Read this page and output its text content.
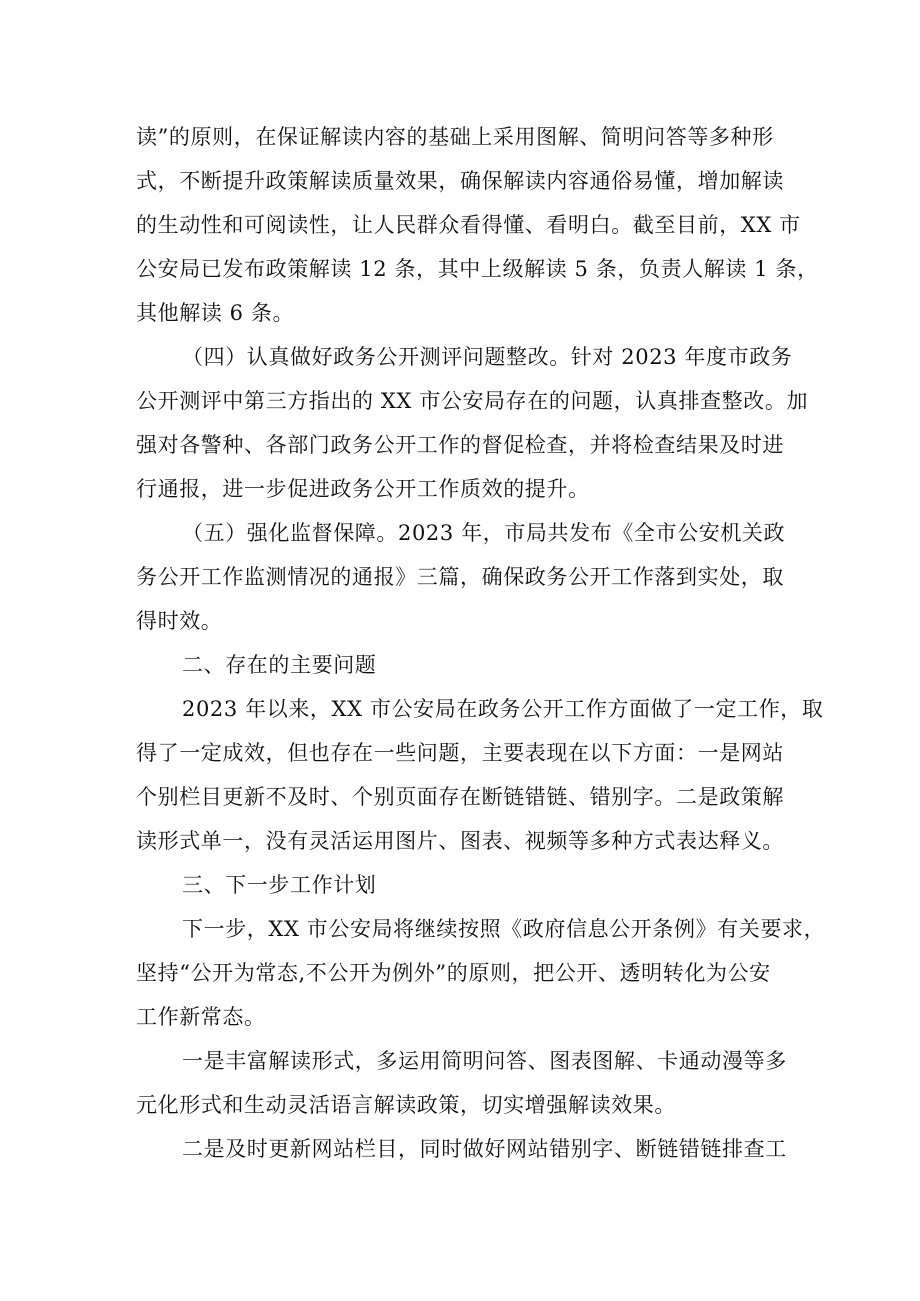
读”的原则，在保证解读内容的基础上采用图解、简明问答等多种形
式，不断提升政策解读质量效果，确保解读内容通俗易懂，增加解读
的生动性和可阅读性，让人民群众看得懂、看明白。截至目前，XX 市
公安局已发布政策解读 12 条，其中上级解读 5 条，负责人解读 1 条，
其他解读 6 条。
（四）认真做好政务公开测评问题整改。针对 2023 年度市政务
公开测评中第三方指出的 XX 市公安局存在的问题，认真排查整改。加
强对各警种、各部门政务公开工作的督促检查，并将检查结果及时进
行通报，进一步促进政务公开工作质效的提升。
（五）强化监督保障。2023 年，市局共发布《全市公安机关政
务公开工作监测情况的通报》三篇，确保政务公开工作落到实处，取
得时效。
二、存在的主要问题
2023 年以来，XX 市公安局在政务公开工作方面做了一定工作，取
得了一定成效，但也存在一些问题，主要表现在以下方面：一是网站
个别栏目更新不及时、个别页面存在断链错链、错别字。二是政策解
读形式单一，没有灵活运用图片、图表、视频等多种方式表达释义。
三、下一步工作计划
下一步，XX 市公安局将继续按照《政府信息公开条例》有关要求，
坚持“公开为常态,不公开为例外”的原则，把公开、透明转化为公安
工作新常态。
一是丰富解读形式，多运用简明问答、图表图解、卡通动漫等多
元化形式和生动灵活语言解读政策，切实增强解读效果。
二是及时更新网站栏目，同时做好网站错别字、断链错链排查工
